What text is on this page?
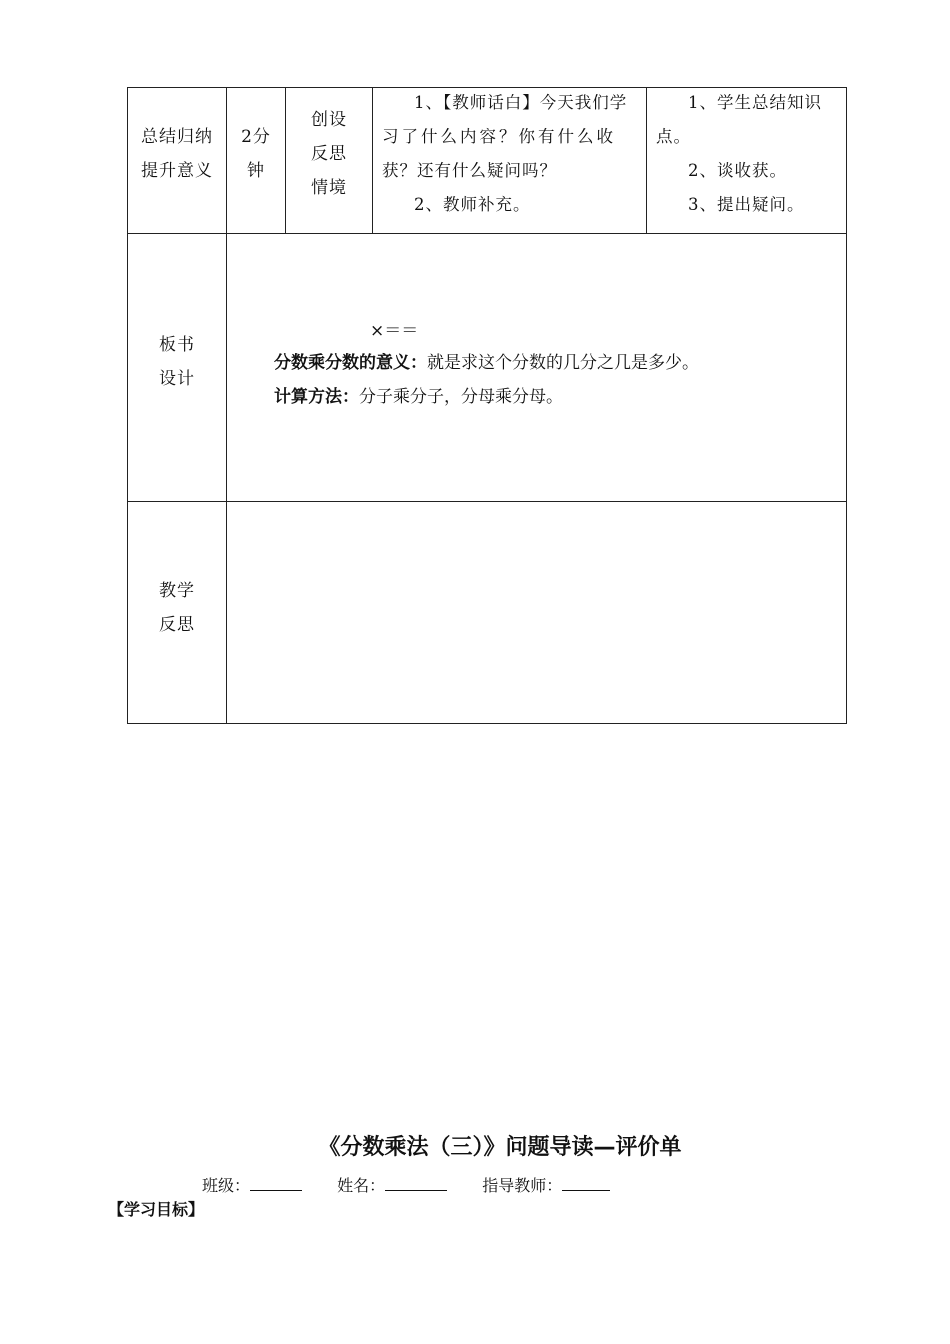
总结归纳
提升意义
2分
钟
创设
反思
情境
1、【教师话白】今天我们学
习了什么内容？你有什么收
获？还有什么疑问吗？
2、教师补充。
1、学生总结知识
点。
2、谈收获。
3、提出疑问。
板书
设计
×＝＝
分数乘分数的意义：就是求这个分数的几分之几是多少。
计算方法：分子乘分子，分母乘分母。
教学
反思
《分数乘法（三）》问题导读—评价单
班级：	姓名：	指导教师：
【学习目标】
